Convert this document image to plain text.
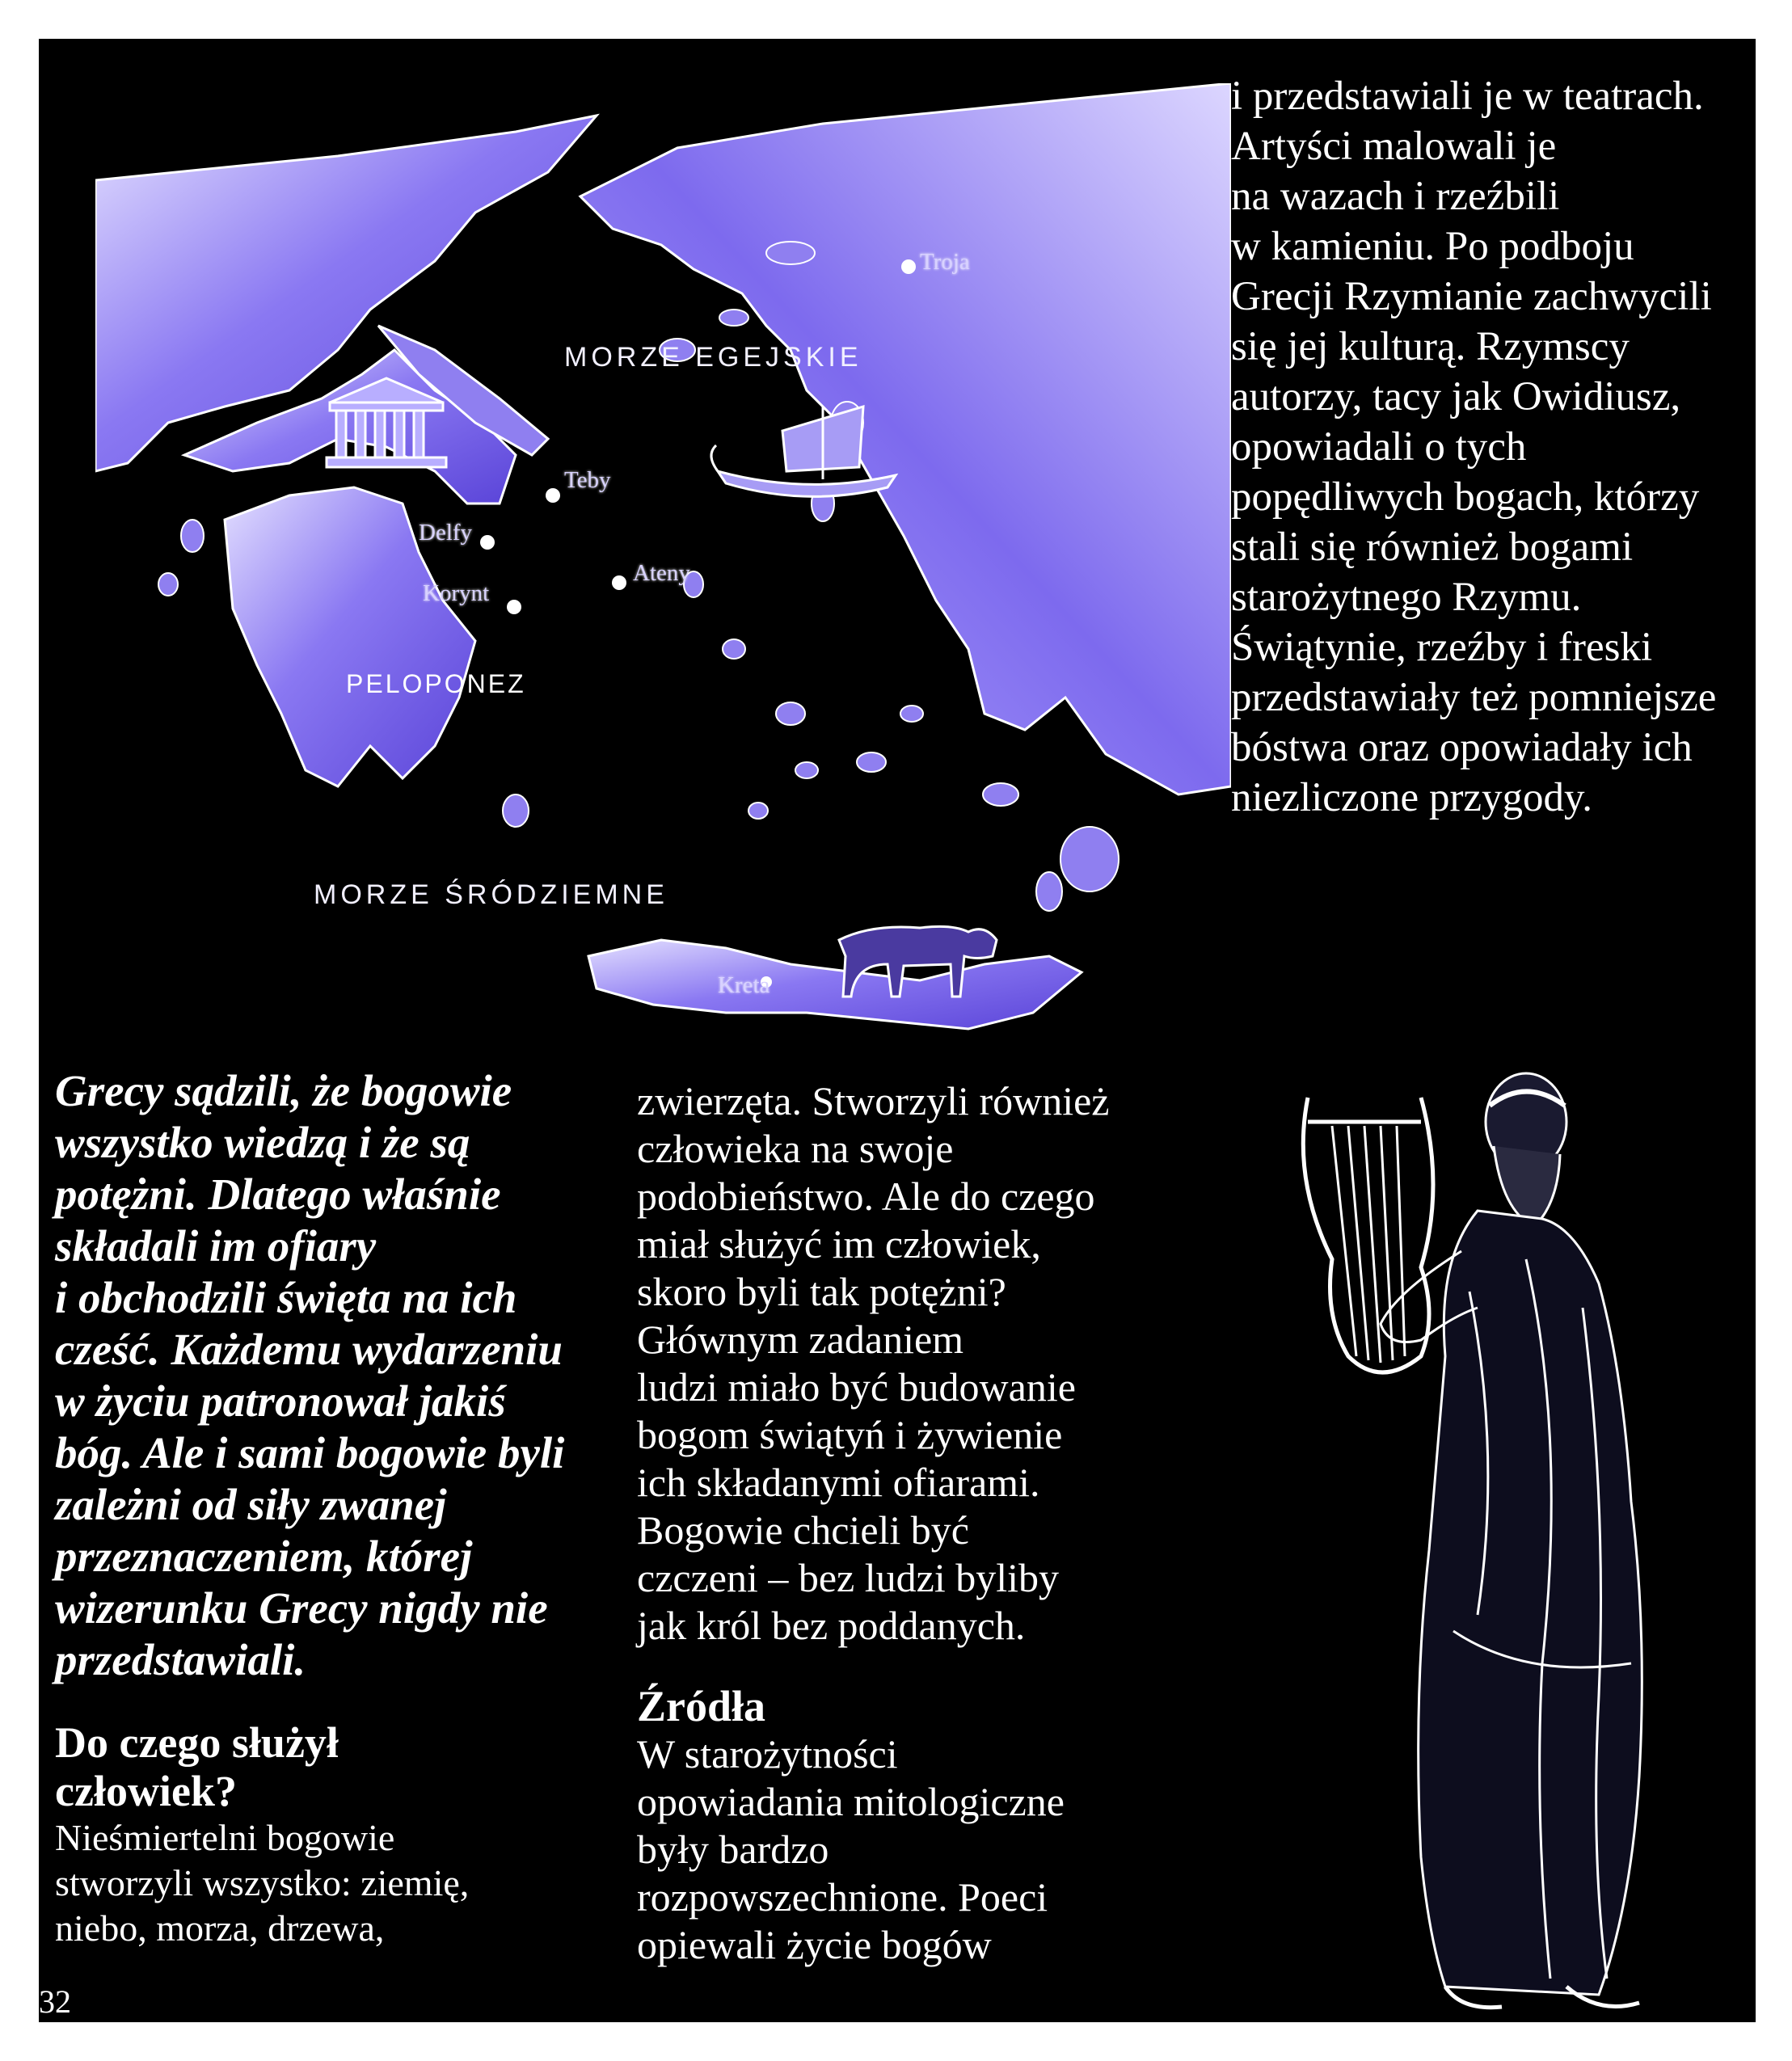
MORZE EGEJSKIE
MORZE ŚRÓDZIEMNE
PELOPONEZ
Troja
Teby
Delfy
Ateny
Korynt
Kreta

i przedstawiali je w teatrach.
Artyści malowali je
na wazach i rzeźbili
w kamieniu. Po podboju
Grecji Rzymianie zachwycili
się jej kulturą. Rzymscy
autorzy, tacy jak Owidiusz,
opowiadali o tych
popędliwych bogach, którzy
stali się również bogami
starożytnego Rzymu.
Świątynie, rzeźby i freski
przedstawiały też pomniejsze
bóstwa oraz opowiadały ich
niezliczone przygody.

Grecy sądzili, że bogowie
wszystko wiedzą i że są
potężni. Dlatego właśnie
składali im ofiary
i obchodzili święta na ich
cześć. Każdemu wydarzeniu
w życiu patronował jakiś
bóg. Ale i sami bogowie byli
zależni od siły zwanej
przeznaczeniem, której
wizerunku Grecy nigdy nie
przedstawiali.

Do czego służył
człowiek?

Nieśmiertelni bogowie
stworzyli wszystko: ziemię,
niebo, morza, drzewa,

zwierzęta. Stworzyli również
człowieka na swoje
podobieństwo. Ale do czego
miał służyć im człowiek,
skoro byli tak potężni?
Głównym zadaniem
ludzi miało być budowanie
bogom świątyń i żywienie
ich składanymi ofiarami.
Bogowie chcieli być
czczeni – bez ludzi byliby
jak król bez poddanych.

Źródła

W starożytności
opowiadania mitologiczne
były bardzo
rozpowszechnione. Poeci
opiewali życie bogów

32
